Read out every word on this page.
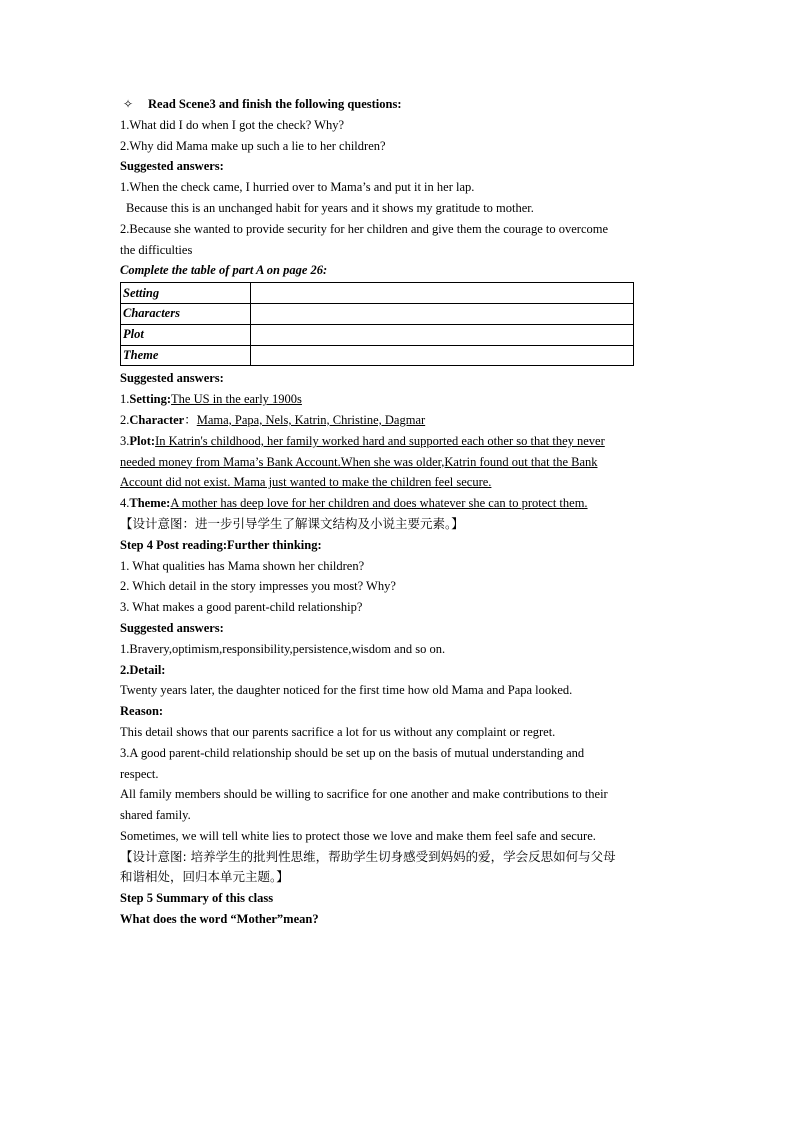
✧ Read Scene3 and finish the following questions:
1.What did I do when I got the check? Why?
2.Why did Mama make up such a lie to her children?
Suggested answers:
1.When the check came, I hurried over to Mama’s and put it in her lap.
Because this is an unchanged habit for years and it shows my gratitude to mother.
2.Because she wanted to provide security for her children and give them the courage to overcome
the difficulties
Complete the table of part A on page 26:
Setting	
Characters	
Plot	
Theme	
Suggested answers:
1.Setting:The US in the early 1900s
2.Character：Mama, Papa, Nels, Katrin, Christine, Dagmar
3.Plot:In Katrin's childhood, her family worked hard and supported each other so that they never
needed money from Mama’s Bank Account.When she was older,Katrin found out that the Bank
Account did not exist. Mama just wanted to make the children feel secure.
4.Theme:A mother has deep love for her children and does whatever she can to protect them.
【设计意图：进一步引导学生了解课文结构及小说主要元素。】
Step 4 Post reading:Further thinking:
1. What qualities has Mama shown her children?
2. Which detail in the story impresses you most? Why?
3. What makes a good parent-child relationship?
Suggested answers:
1.Bravery,optimism,responsibility,persistence,wisdom and so on.
2.Detail:
Twenty years later, the daughter noticed for the first time how old Mama and Papa looked.
Reason:
This detail shows that our parents sacrifice a lot for us without any complaint or regret.
3.A good parent-child relationship should be set up on the basis of mutual understanding and
respect.
All family members should be willing to sacrifice for one another and make contributions to their
shared family.
Sometimes, we will tell white lies to protect those we love and make them feel safe and secure.
【设计意图: 培养学生的批判性思维，帮助学生切身感受到妈妈的爱，学会反思如何与父母
和谐相处，回归本单元主题。】
Step 5 Summary of this class
What does the word “Mother”mean?
